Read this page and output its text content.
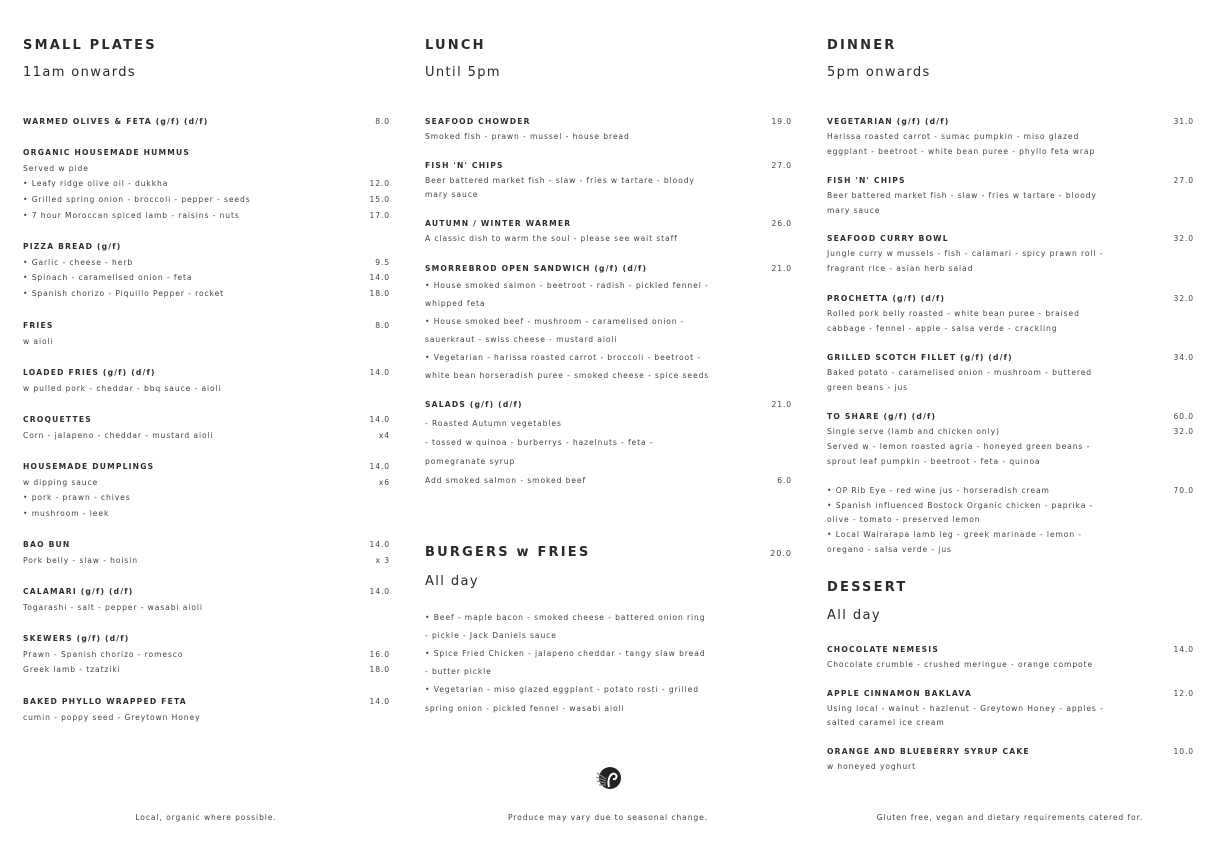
SMALL PLATES
11am onwards
WARMED OLIVES & FETA (g/f) (d/f)	8.0
ORGANIC HOUSEMADE HUMMUS
Served w pide
• Leafy ridge olive oil - dukkha	12.0
• Grilled spring onion - broccoli - pepper - seeds	15.0
• 7 hour Moroccan spiced lamb - raisins - nuts	17.0
PIZZA BREAD (g/f)
• Garlic - cheese - herb	9.5
• Spinach - caramelised onion - feta	14.0
• Spanish chorizo - Piquillo Pepper - rocket	18.0
FRIES	8.0
w aioli
LOADED FRIES (g/f) (d/f)	14.0
w pulled pork - cheddar - bbq sauce - aioli
CROQUETTES	14.0
Corn - jalapeno - cheddar - mustard aioli	x4
HOUSEMADE DUMPLINGS	14.0
w dipping sauce	x6
• pork - prawn - chives
• mushroom - leek
BAO BUN	14.0
Pork belly - slaw - hoisin	x 3
CALAMARI (g/f) (d/f)	14.0
Togarashi - salt - pepper - wasabi aioli
SKEWERS (g/f) (d/f)
Prawn - Spanish chorizo - romesco	16.0
Greek lamb - tzatziki	18.0
BAKED PHYLLO WRAPPED FETA	14.0
cumin - poppy seed - Greytown Honey
LUNCH
Until 5pm
BURGERS w FRIES	20.0
All day
SEAFOOD CHOWDER	19.0
Smoked fish - prawn - mussel - house bread
FISH 'N' CHIPS	27.0
Beer battered market fish - slaw - fries w tartare - bloody
mary sauce
AUTUMN / WINTER WARMER	26.0
A classic dish to warm the soul - please see wait staff
SMORREBROD OPEN SANDWICH (g/f) (d/f)	21.0
• House smoked salmon - beetroot - radish - pickled fennel -
whipped feta
• House smoked beef - mushroom - caramelised onion -
sauerkraut - swiss cheese - mustard aioli
• Vegetarian - harissa roasted carrot - broccoli - beetroot -
white bean horseradish puree - smoked cheese - spice seeds
SALADS (g/f) (d/f)	21.0
- Roasted Autumn vegetables
- tossed w quinoa - burberrys - hazelnuts - feta -
pomegranate syrup
Add smoked salmon - smoked beef	6.0
• Beef - maple bacon - smoked cheese - battered onion ring
- pickle - Jack Daniels sauce
• Spice Fried Chicken - jalapeno cheddar - tangy slaw bread
- butter pickle
• Vegetarian - miso glazed eggplant - potato rosti - grilled
spring onion - pickled fennel - wasabi aioli
DINNER
5pm onwards
DESSERT
All day
VEGETARIAN (g/f) (d/f)	31.0
Harissa roasted carrot - sumac pumpkin - miso glazed
eggplant - beetroot - white bean puree - phyllo feta wrap
FISH 'N' CHIPS	27.0
Beer battered market fish - slaw - fries w tartare - bloody
mary sauce
SEAFOOD CURRY BOWL	32.0
Jungle curry w mussels - fish - calamari - spicy prawn roll -
fragrant rice - asian herb salad
PROCHETTA (g/f) (d/f)	32.0
Rolled pork belly roasted - white bean puree - braised
cabbage - fennel - apple - salsa verde - crackling
GRILLED SCOTCH FILLET (g/f) (d/f)	34.0
Baked potato - caramelised onion - mushroom - buttered
green beans - jus
TO SHARE (g/f) (d/f)	60.0
Single serve (lamb and chicken only)	32.0
Served w - lemon roasted agria - honeyed green beans -
sprout leaf pumpkin - beetroot - feta - quinoa
• OP Rib Eye - red wine jus - horseradish cream	70.0
• Spanish influenced Bostock Organic chicken - paprika -
olive - tomato - preserved lemon
• Local Wairarapa lamb leg - greek marinade - lemon -
oregano - salsa verde - jus
CHOCOLATE NEMESIS	14.0
Chocolate crumble - crushed meringue - orange compote
APPLE CINNAMON BAKLAVA	12.0
Using local - walnut - hazlenut - Greytown Honey - apples -
salted caramel ice cream
ORANGE AND BLUEBERRY SYRUP CAKE	10.0
w honeyed yoghurt
Local, organic where possible.	Produce may vary due to seasonal change.	Gluten free, vegan and dietary requirements catered for.
